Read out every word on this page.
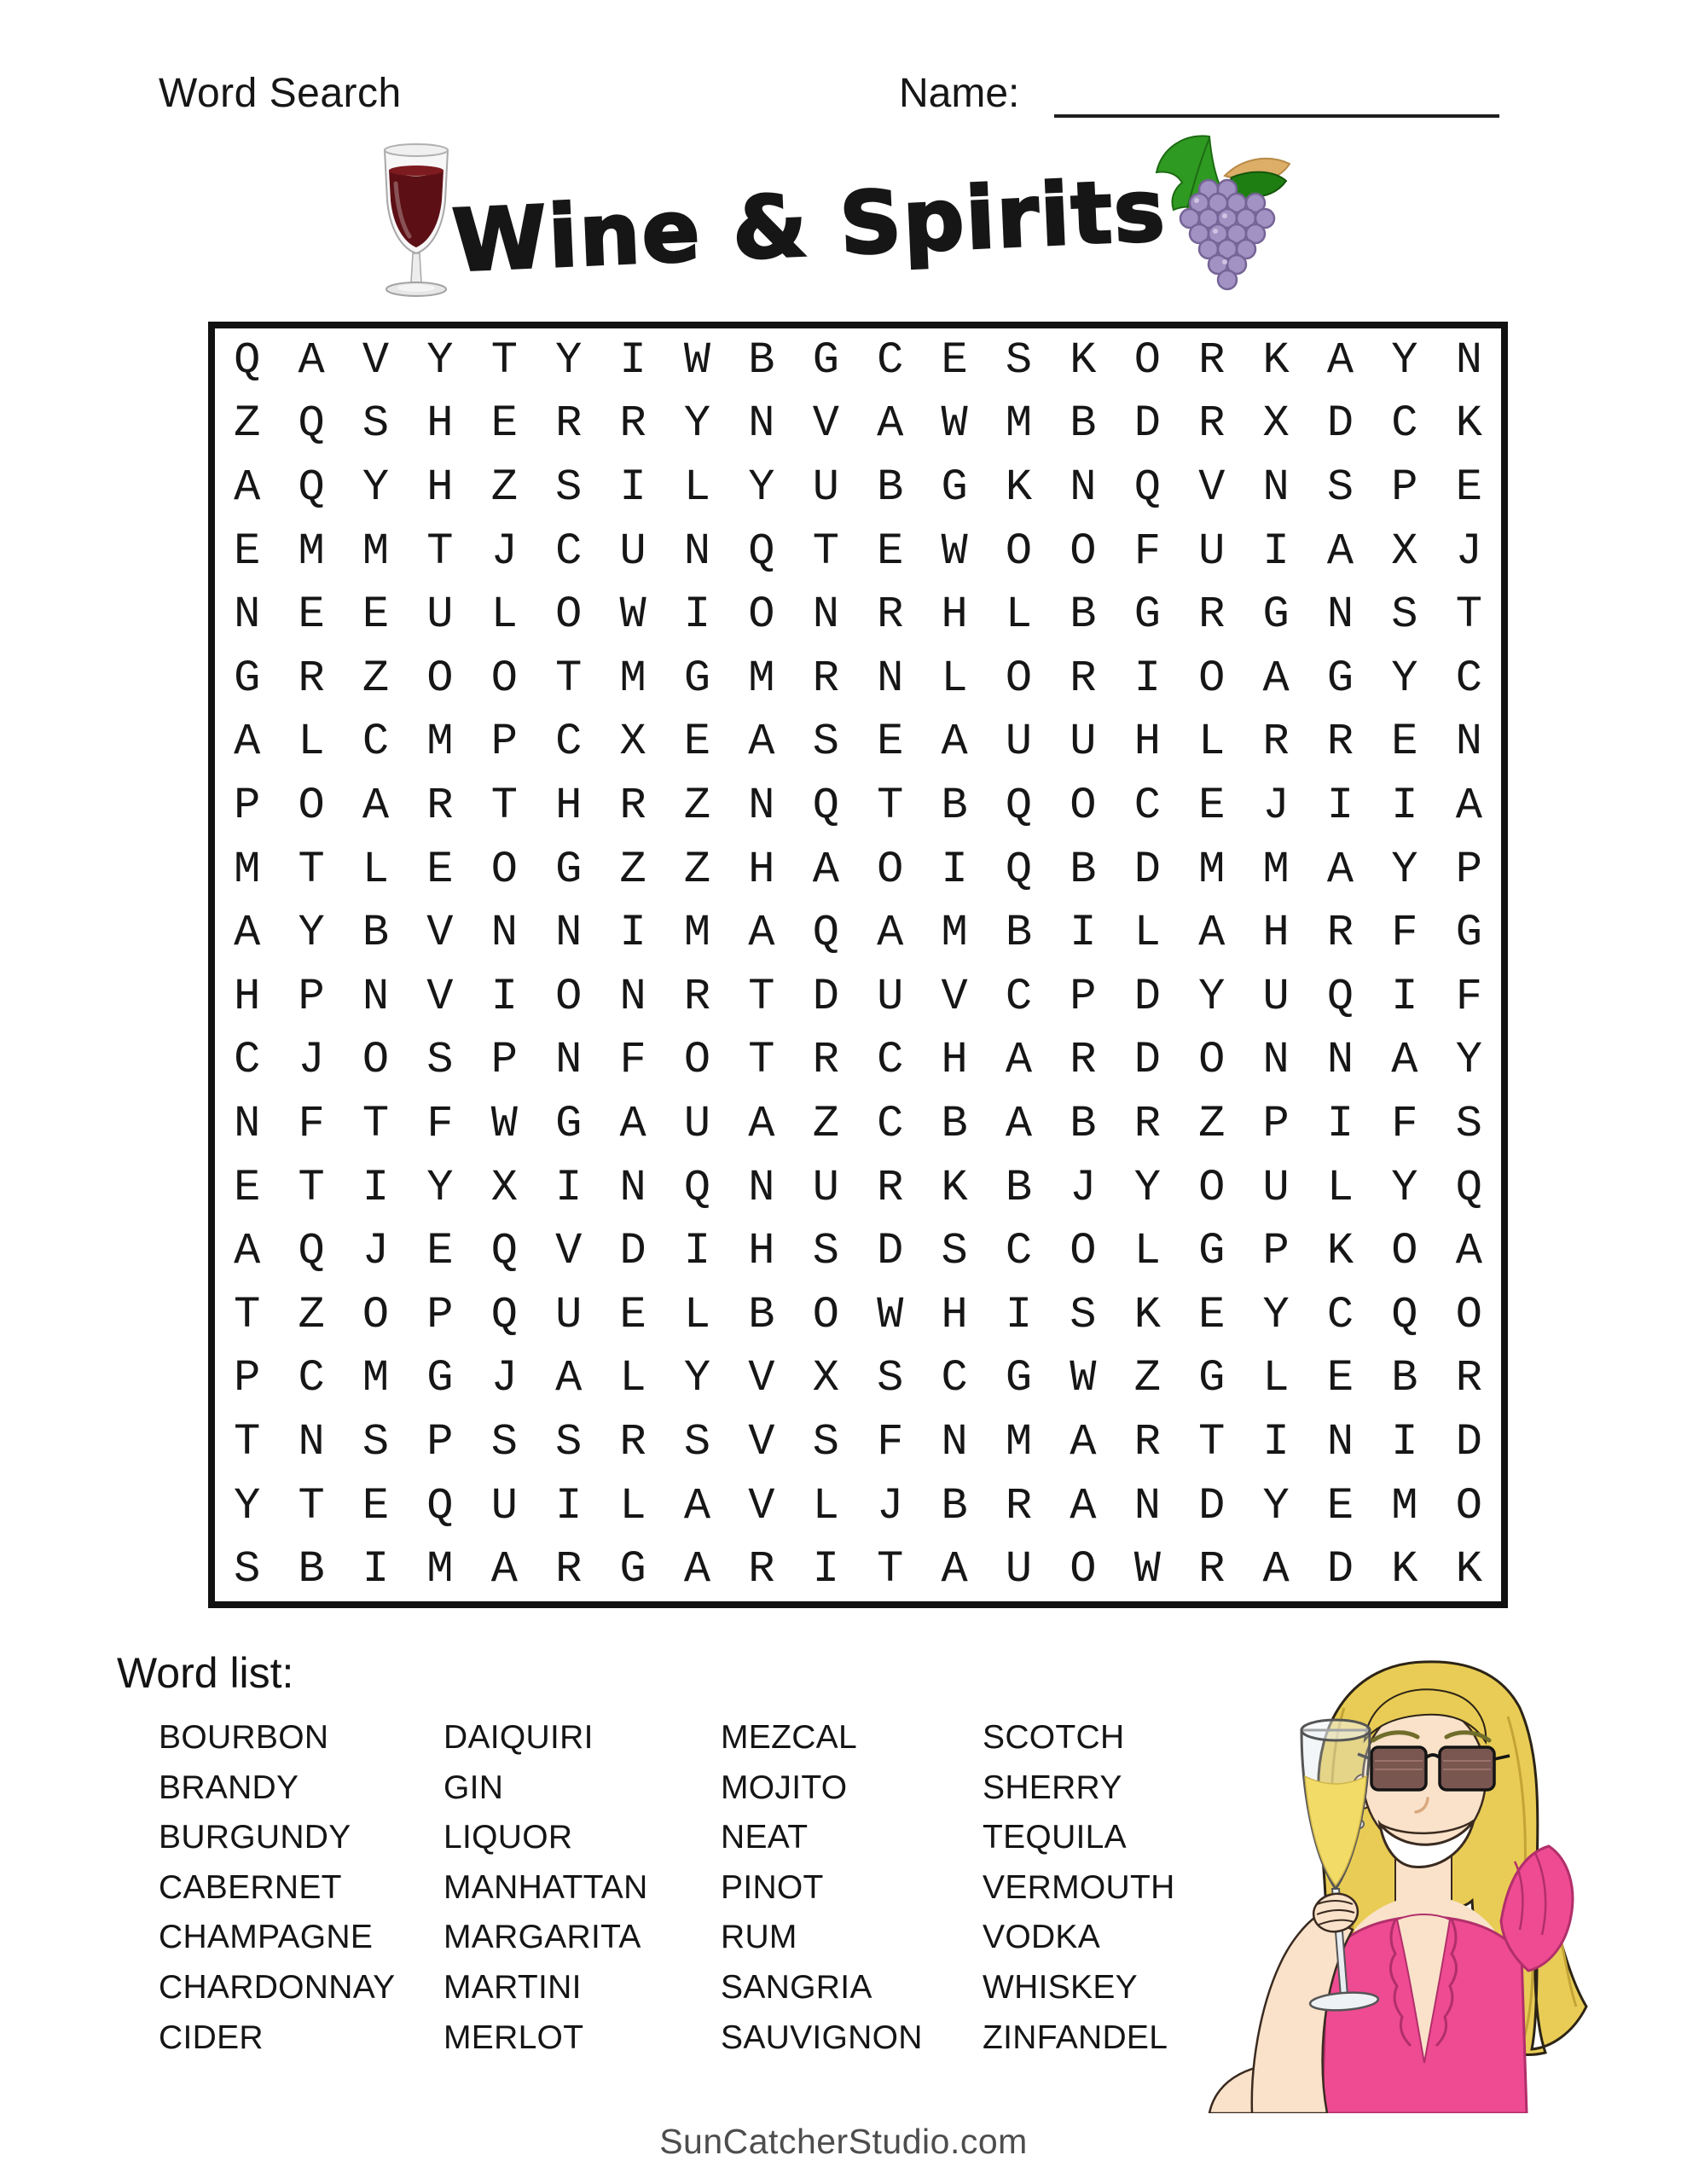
Word Search	Name:
Wine & Spirits
Q A V Y T Y I W B G C E S K O R K A Y N
Z Q S H E R R Y N V A W M B D R X D C K
A Q Y H Z S I L Y U B G K N Q V N S P E
E M M T J C U N Q T E W O O F U I A X J
N E E U L O W I O N R H L B G R G N S T
G R Z O O T M G M R N L O R I O A G Y C
A L C M P C X E A S E A U U H L R R E N
P O A R T H R Z N Q T B Q O C E J I I A
M T L E O G Z Z H A O I Q B D M M A Y P
A Y B V N N I M A Q A M B I L A H R F G
H P N V I O N R T D U V C P D Y U Q I F
C J O S P N F O T R C H A R D O N N A Y
N F T F W G A U A Z C B A B R Z P I F S
E T I Y X I N Q N U R K B J Y O U L Y Q
A Q J E Q V D I H S D S C O L G P K O A
T Z O P Q U E L B O W H I S K E Y C Q O
P C M G J A L Y V X S C G W Z G L E B R
T N S P S S R S V S F N M A R T I N I D
Y T E Q U I L A V L J B R A N D Y E M O
S B I M A R G A R I T A U O W R A D K K
Word list:
BOURBON
BRANDY
BURGUNDY
CABERNET
CHAMPAGNE
CHARDONNAY
CIDER
DAIQUIRI
GIN
LIQUOR
MANHATTAN
MARGARITA
MARTINI
MERLOT
MEZCAL
MOJITO
NEAT
PINOT
RUM
SANGRIA
SAUVIGNON
SCOTCH
SHERRY
TEQUILA
VERMOUTH
VODKA
WHISKEY
ZINFANDEL
SunCatcherStudio.com
